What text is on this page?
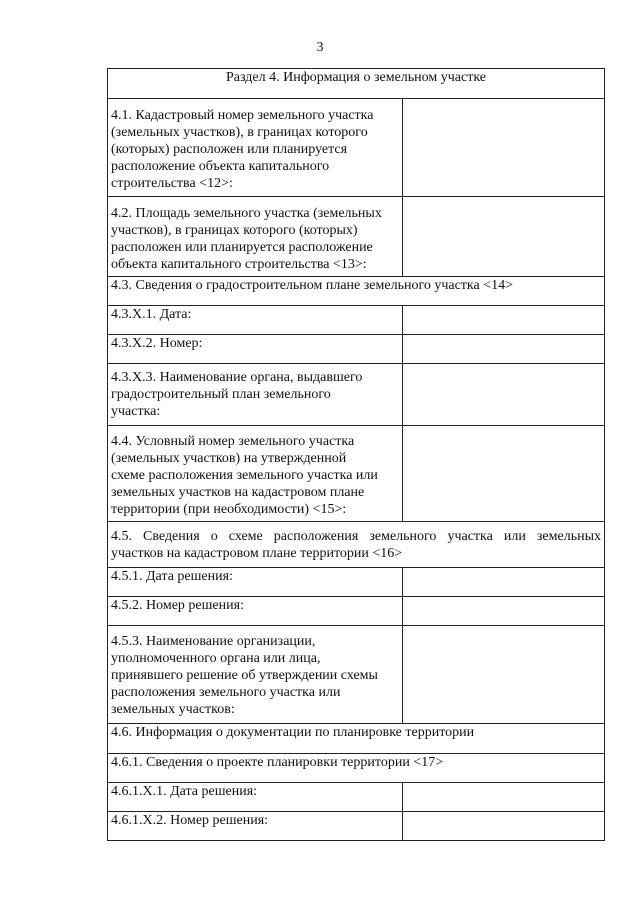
3
Раздел 4. Информация о земельном участке	

4.1. Кадастровый номер земельного участка
(земельных участков), в границах которого
(которых) расположен или планируется
расположение объекта капитального
строительства <12>:	

4.2. Площадь земельного участка (земельных
участков), в границах которого (которых)
расположен или планируется расположение
объекта капитального строительства <13>:	

4.3. Сведения о градостроительном плане земельного участка <14>	
4.3.Х.1. Дата:	
4.3.Х.2. Номер:	

4.3.Х.3. Наименование органа, выдавшего
градостроительный план земельного
участка:	

4.4. Условный номер земельного участка
(земельных участков) на утвержденной
схеме расположения земельного участка или
земельных участков на кадастровом плане
территории (при необходимости) <15>:	

4.5. Сведения о схеме расположения земельного участка или земельных
участков на кадастровом плане территории <16>	

4.5.1. Дата решения:	
4.5.2. Номер решения:	

4.5.3. Наименование организации,
уполномоченного органа или лица,
принявшего решение об утверждении схемы
расположения земельного участка или
земельных участков:	

4.6. Информация о документации по планировке территории	
4.6.1. Сведения о проекте планировки территории <17>	
4.6.1.Х.1. Дата решения:	
4.6.1.Х.2. Номер решения:	
